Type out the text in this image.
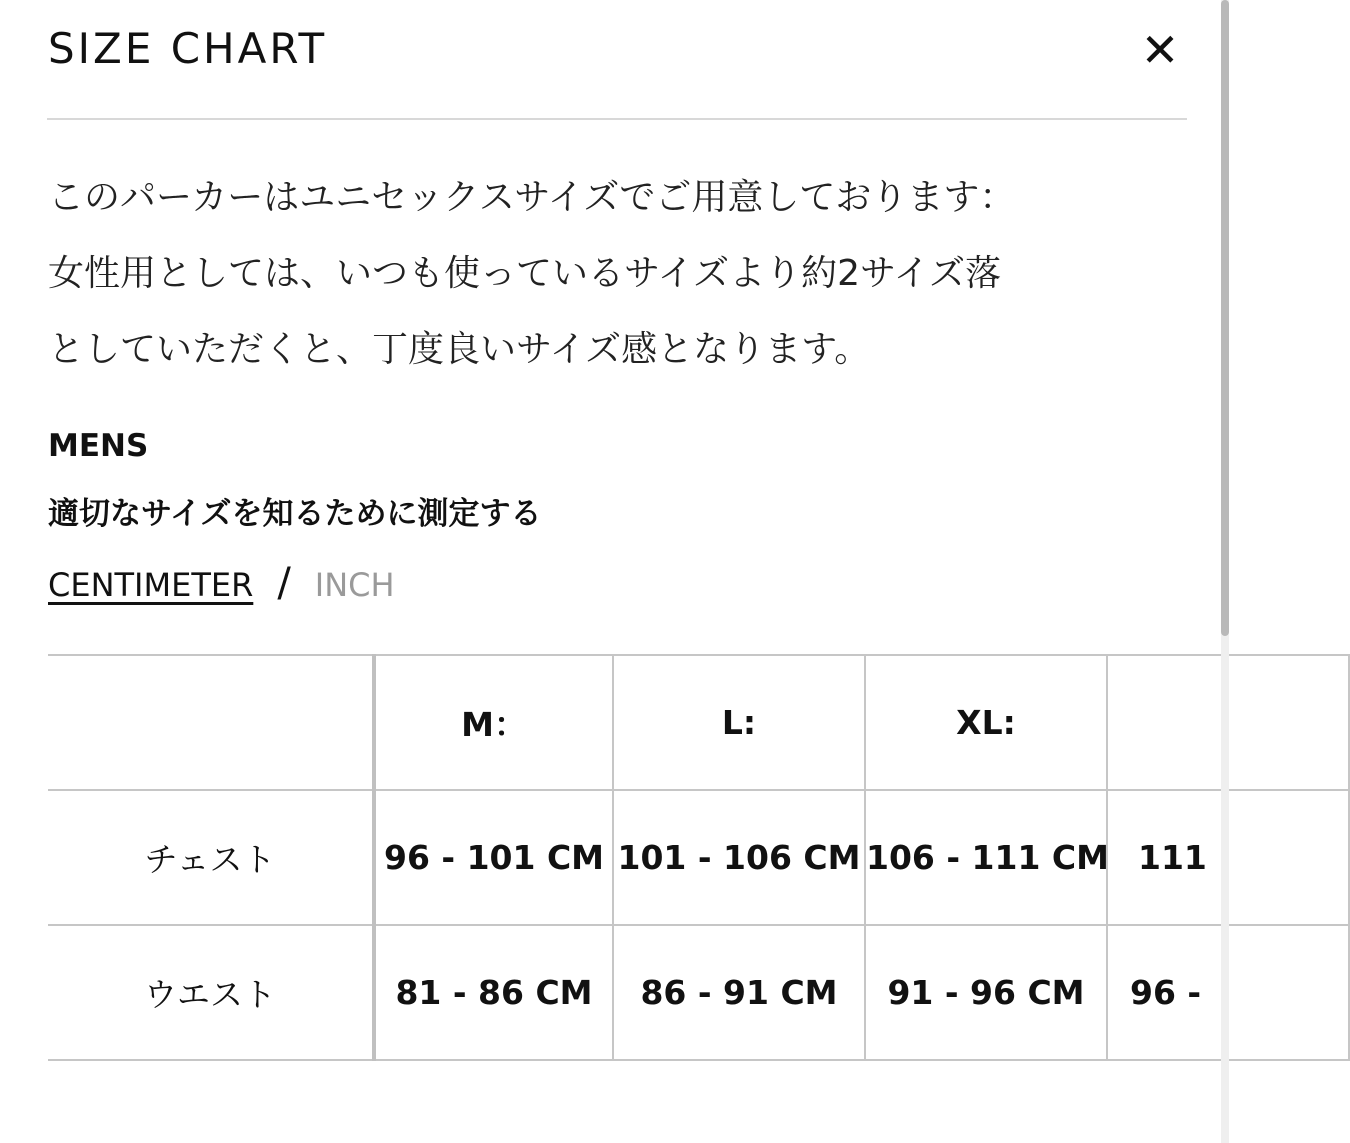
SIZE CHART	✕

このパーカーはユニセックスサイズでご用意しております：
女性用としては、いつも使っているサイズより約2サイズ落
としていただくと、丁度良いサイズ感となります。

MENS

適切なサイズを知るために測定する

CENTIMETER / INCH
	M：	L:	XL:	
チェスト	96 - 101 CM	101 - 106 CM	106 - 111 CM	111
ウエスト	81 - 86 CM	86 - 91 CM	91 - 96 CM	96 -
